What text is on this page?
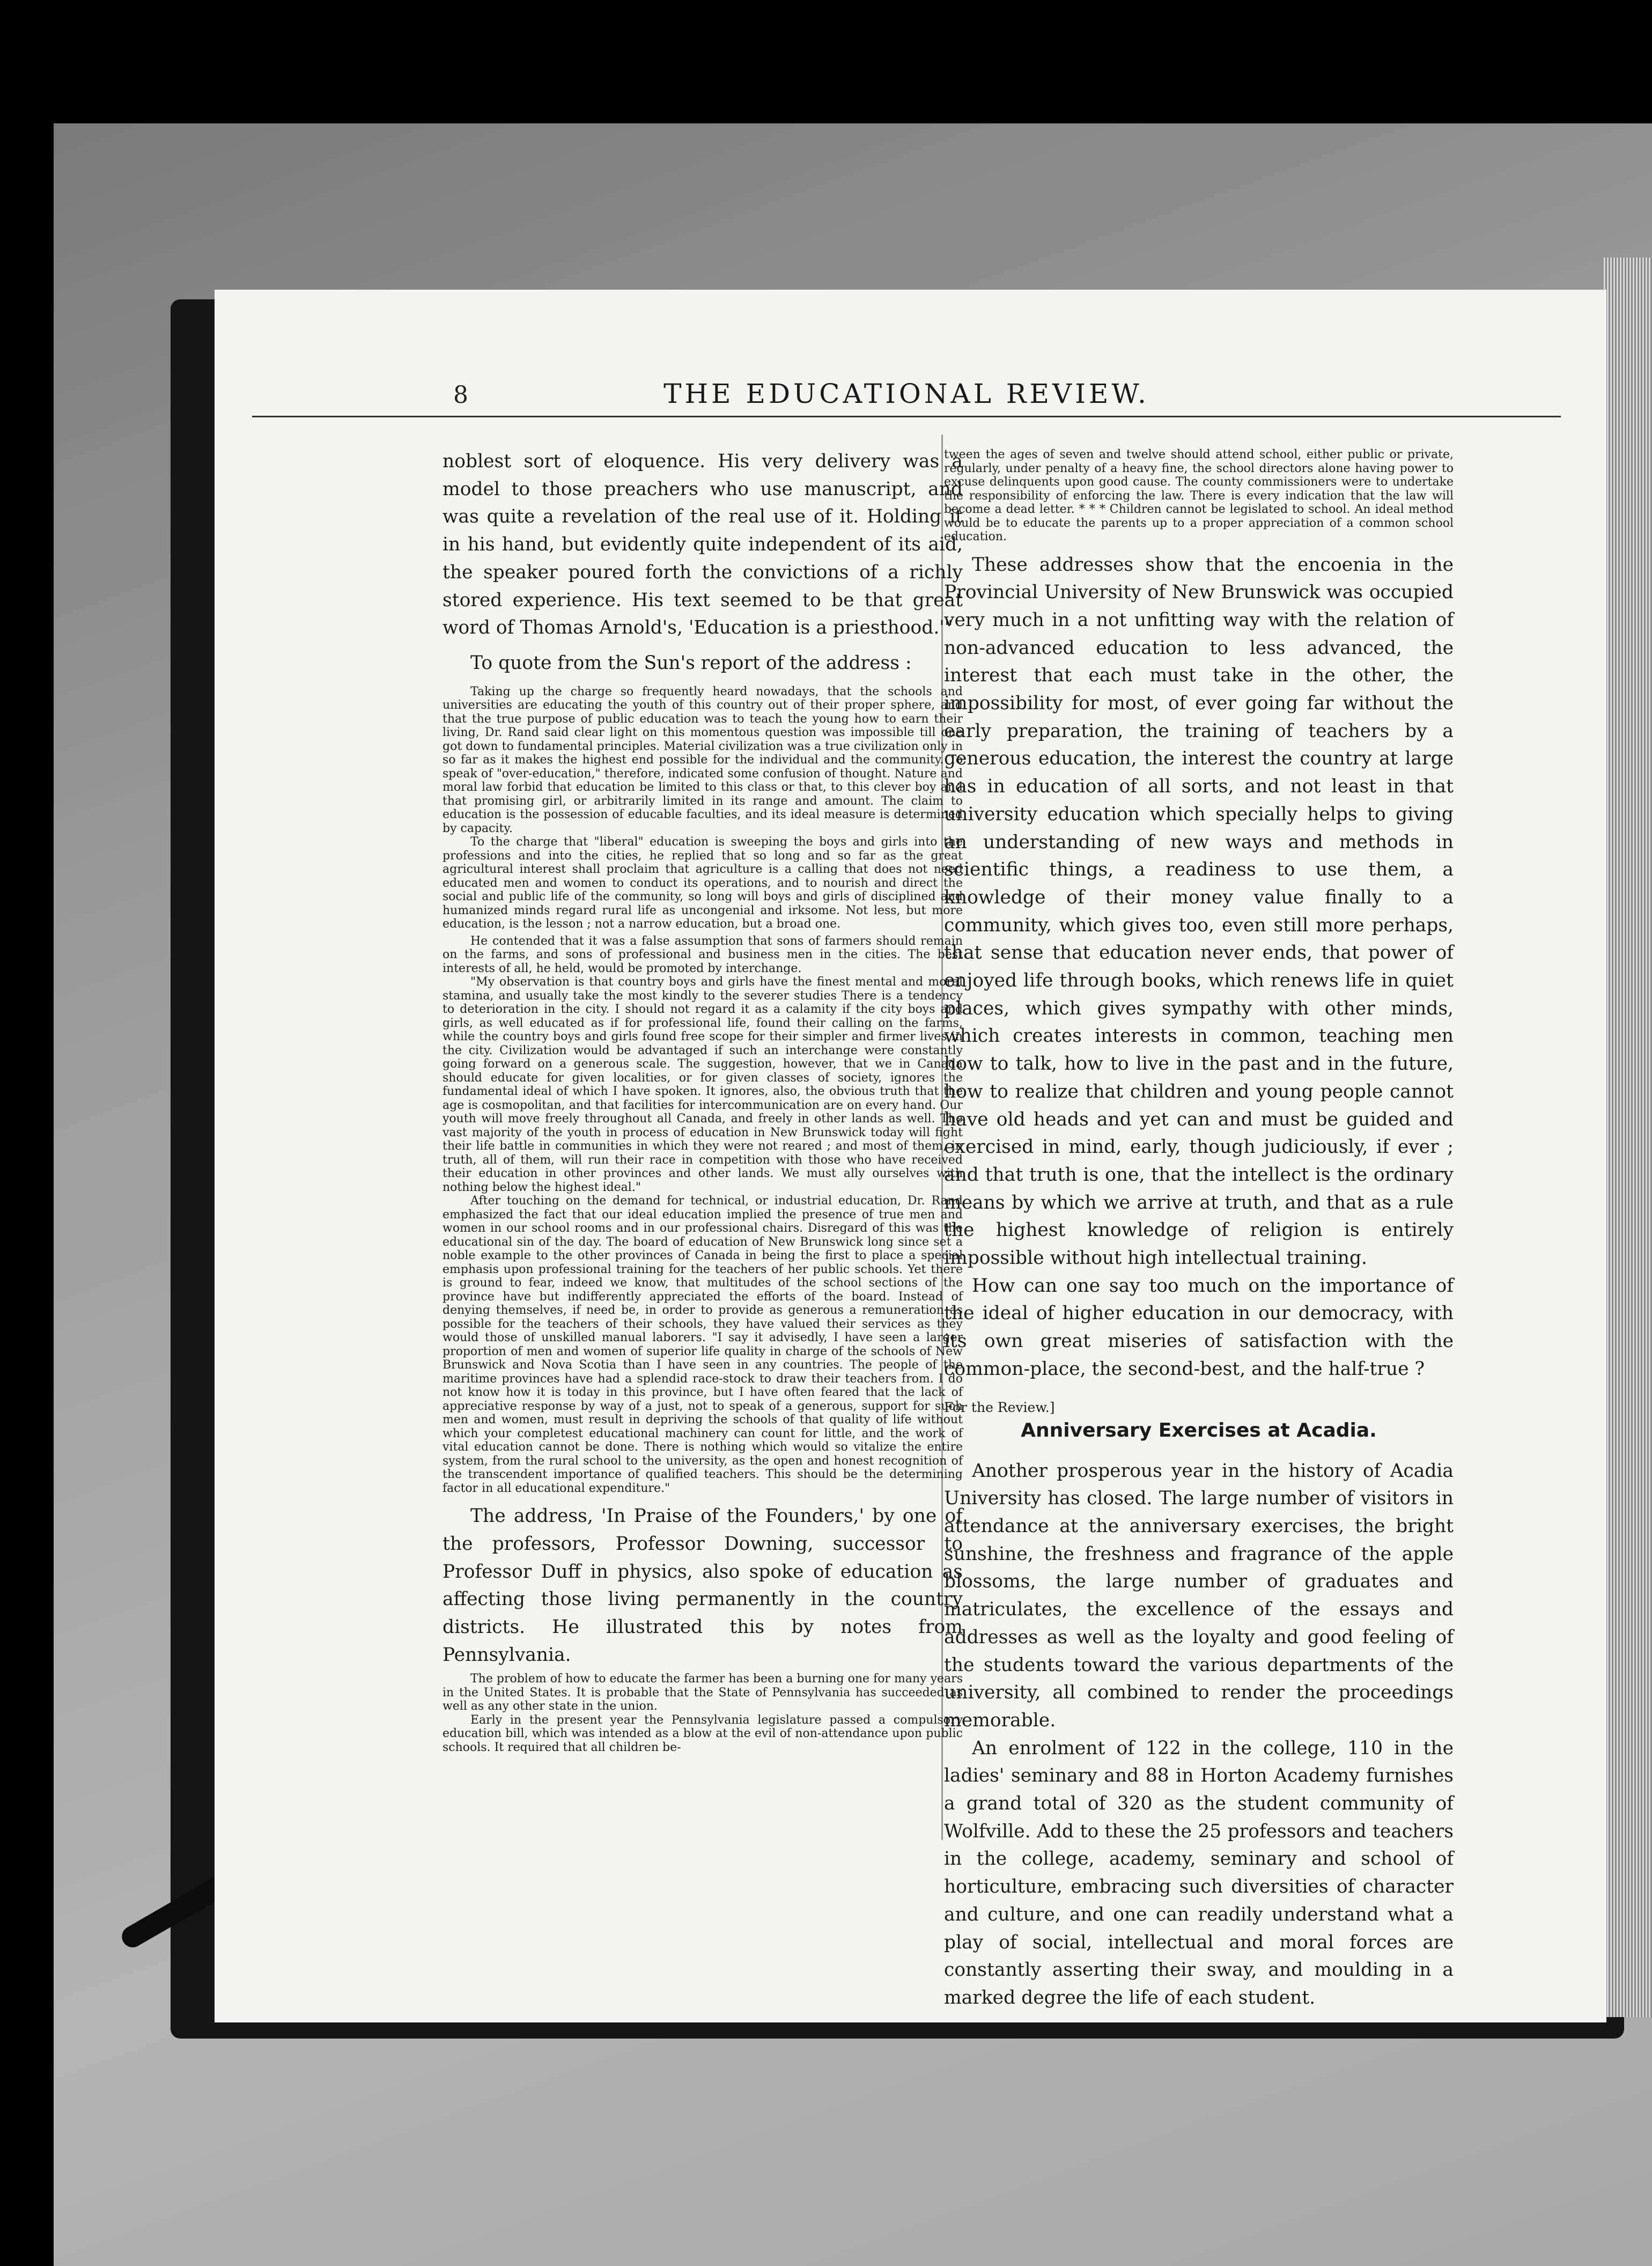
8	THE EDUCATIONAL REVIEW.

noblest sort of eloquence. His very delivery was a model to those preachers who use manuscript, and was quite a revelation of the real use of it. Holding it in his hand, but evidently quite independent of its aid, the speaker poured forth the convictions of a richly stored experience. His text seemed to be that great word of Thomas Arnold's, 'Education is a priesthood.'"

To quote from the Sun's report of the address :

Taking up the charge so frequently heard nowadays, that the schools and universities are educating the youth of this country out of their proper sphere, and that the true purpose of public education was to teach the young how to earn their living, Dr. Rand said clear light on this momentous question was impossible till one got down to fundamental principles. Material civilization was a true civilization only in so far as it makes the highest end possible for the individual and the community. To speak of "over-education," therefore, indicated some confusion of thought. Nature and moral law forbid that education be limited to this class or that, to this clever boy and that promising girl, or arbitrarily limited in its range and amount. The claim to education is the possession of educable faculties, and its ideal measure is determined by capacity.

To the charge that "liberal" education is sweeping the boys and girls into the professions and into the cities, he replied that so long and so far as the great agricultural interest shall proclaim that agriculture is a calling that does not need educated men and women to conduct its operations, and to nourish and direct the social and public life of the community, so long will boys and girls of disciplined and humanized minds regard rural life as uncongenial and irksome. Not less, but more education, is the lesson ; not a narrow education, but a broad one.

He contended that it was a false assumption that sons of farmers should remain on the farms, and sons of professional and business men in the cities. The best interests of all, he held, would be promoted by interchange.

"My observation is that country boys and girls have the finest mental and moral stamina, and usually take the most kindly to the severer studies There is a tendency to deterioration in the city. I should not regard it as a calamity if the city boys and girls, as well educated as if for professional life, found their calling on the farms, while the country boys and girls found free scope for their simpler and firmer lives in the city. Civilization would be advantaged if such an interchange were constantly going forward on a generous scale. The suggestion, however, that we in Canada should educate for given localities, or for given classes of society, ignores the fundamental ideal of which I have spoken. It ignores, also, the obvious truth that the age is cosmopolitan, and that facilities for intercommunication are on every hand. Our youth will move freely throughout all Canada, and freely in other lands as well. The vast majority of the youth in process of education in New Brunswick today will fight their life battle in communities in which they were not reared ; and most of them, in truth, all of them, will run their race in competition with those who have received their education in other provinces and other lands. We must ally ourselves with nothing below the highest ideal."

After touching on the demand for technical, or industrial education, Dr. Rand emphasized the fact that our ideal education implied the presence of true men and women in our school rooms and in our professional chairs. Disregard of this was the educational sin of the day. The board of education of New Brunswick long since set a noble example to the other provinces of Canada in being the first to place a special emphasis upon professional training for the teachers of her public schools. Yet there is ground to fear, indeed we know, that multitudes of the school sections of the province have but indifferently appreciated the efforts of the board. Instead of denying themselves, if need be, in order to provide as generous a remuneration as possible for the teachers of their schools, they have valued their services as they would those of unskilled manual laborers. "I say it advisedly, I have seen a larger proportion of men and women of superior life quality in charge of the schools of New Brunswick and Nova Scotia than I have seen in any countries. The people of the maritime provinces have had a splendid race-stock to draw their teachers from. I do not know how it is today in this province, but I have often feared that the lack of appreciative response by way of a just, not to speak of a generous, support for such men and women, must result in depriving the schools of that quality of life without which your completest educational machinery can count for little, and the work of vital education cannot be done. There is nothing which would so vitalize the entire system, from the rural school to the university, as the open and honest recognition of the transcendent importance of qualified teachers. This should be the determining factor in all educational expenditure."

The address, 'In Praise of the Founders,' by one of the professors, Professor Downing, successor to Professor Duff in physics, also spoke of education as affecting those living permanently in the country districts. He illustrated this by notes from Pennsylvania.

The problem of how to educate the farmer has been a burning one for many years in the United States. It is probable that the State of Pennsylvania has succeeded as well as any other state in the union.

Early in the present year the Pennsylvania legislature passed a compulsory education bill, which was intended as a blow at the evil of non-attendance upon public schools. It required that all children be-

tween the ages of seven and twelve should attend school, either public or private, regularly, under penalty of a heavy fine, the school directors alone having power to excuse delinquents upon good cause. The county commissioners were to undertake the responsibility of enforcing the law. There is every indication that the law will become a dead letter. * * * Children cannot be legislated to school. An ideal method would be to educate the parents up to a proper appreciation of a common school education.

These addresses show that the encoenia in the Provincial University of New Brunswick was occupied very much in a not unfitting way with the relation of non-advanced education to less advanced, the interest that each must take in the other, the impossibility for most, of ever going far without the early preparation, the training of teachers by a generous education, the interest the country at large has in education of all sorts, and not least in that university education which specially helps to giving an understanding of new ways and methods in scientific things, a readiness to use them, a knowledge of their money value finally to a community, which gives too, even still more perhaps, that sense that education never ends, that power of enjoyed life through books, which renews life in quiet places, which gives sympathy with other minds, which creates interests in common, teaching men how to talk, how to live in the past and in the future, how to realize that children and young people cannot have old heads and yet can and must be guided and exercised in mind, early, though judiciously, if ever ; and that truth is one, that the intellect is the ordinary means by which we arrive at truth, and that as a rule the highest knowledge of religion is entirely impossible without high intellectual training.

How can one say too much on the importance of the ideal of higher education in our democracy, with its own great miseries of satisfaction with the common-place, the second-best, and the half-true ?

For the Review.]

Anniversary Exercises at Acadia.

Another prosperous year in the history of Acadia University has closed. The large number of visitors in attendance at the anniversary exercises, the bright sunshine, the freshness and fragrance of the apple blossoms, the large number of graduates and matriculates, the excellence of the essays and addresses as well as the loyalty and good feeling of the students toward the various departments of the university, all combined to render the proceedings memorable.

An enrolment of 122 in the college, 110 in the ladies' seminary and 88 in Horton Academy furnishes a grand total of 320 as the student community of Wolfville. Add to these the 25 professors and teachers in the college, academy, seminary and school of horticulture, embracing such diversities of character and culture, and one can readily understand what a play of social, intellectual and moral forces are constantly asserting their sway, and moulding in a marked degree the life of each student.
